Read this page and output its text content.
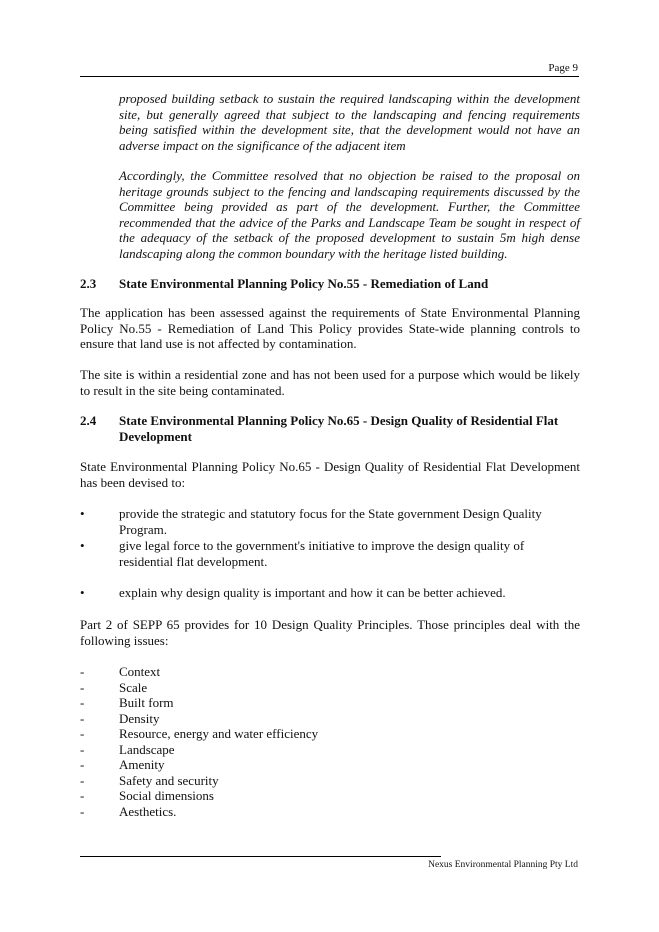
Page 9
proposed building setback to sustain the required landscaping within the development site, but generally agreed that subject to the landscaping and fencing requirements being satisfied within the development site, that the development would not have an adverse impact on the significance of the adjacent item
Accordingly, the Committee resolved that no objection be raised to the proposal on heritage grounds subject to the fencing and landscaping requirements discussed by the Committee being provided as part of the development. Further, the Committee recommended that the advice of the Parks and Landscape Team be sought in respect of the adequacy of the setback of the proposed development to sustain 5m high dense landscaping along the common boundary with the heritage listed building.
2.3 State Environmental Planning Policy No.55 - Remediation of Land
The application has been assessed against the requirements of State Environmental Planning Policy No.55 - Remediation of Land This Policy provides State-wide planning controls to ensure that land use is not affected by contamination.
The site is within a residential zone and has not been used for a purpose which would be likely to result in the site being contaminated.
2.4 State Environmental Planning Policy No.65 - Design Quality of Residential Flat Development
State Environmental Planning Policy No.65 - Design Quality of Residential Flat Development has been devised to:
•	provide the strategic and statutory focus for the State government Design Quality Program.
•	give legal force to the government's initiative to improve the design quality of residential flat development.
•	explain why design quality is important and how it can be better achieved.
Part 2 of SEPP 65 provides for 10 Design Quality Principles. Those principles deal with the following issues:
-	Context
-	Scale
-	Built form
-	Density
-	Resource, energy and water efficiency
-	Landscape
-	Amenity
-	Safety and security
-	Social dimensions
-	Aesthetics.
Nexus Environmental Planning Pty Ltd
